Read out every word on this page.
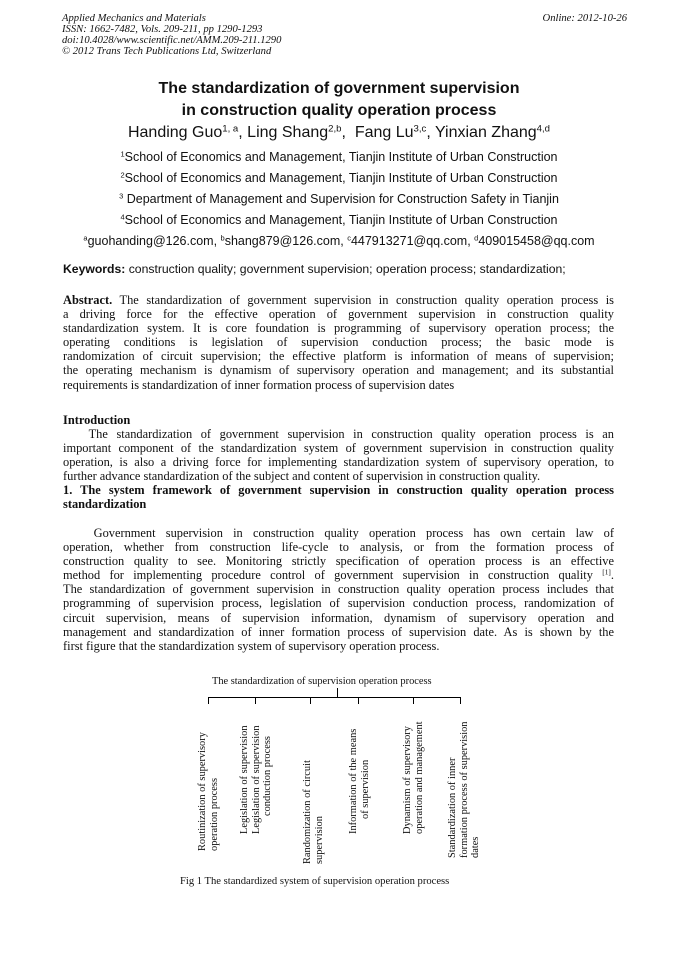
Applied Mechanics and Materials
ISSN: 1662-7482, Vols. 209-211, pp 1290-1293
doi:10.4028/www.scientific.net/AMM.209-211.1290
© 2012 Trans Tech Publications Ltd, Switzerland
Online: 2012-10-26
The standardization of government supervision
in construction quality operation process
Handing Guo$^{1, a}$, Ling Shang$^{2,b}$,  Fang Lu$^{3,c}$, Yinxian Zhang$^{4,d}$
$^1$School of Economics and Management, Tianjin Institute of Urban Construction
$^2$School of Economics and Management, Tianjin Institute of Urban Construction
$^3$ Department of Management and Supervision for Construction Safety in Tianjin
$^4$School of Economics and Management, Tianjin Institute of Urban Construction
$^a$guohanding@126.com, $^b$shang879@126.com, $^c$447913271@qq.com, $^d$409015458@qq.com
Keywords: construction quality; government supervision; operation process; standardization;
Abstract. The standardization of government supervision in construction quality operation process is
a driving force for the effective operation of government supervision in construction quality
standardization system. It is core foundation is programming of supervisory operation process; the
operating conditions is legislation of supervision conduction process; the basic mode is
randomization of circuit supervision; the effective platform is information of means of supervision;
the operating mechanism is dynamism of supervisory operation and management; and its substantial
requirements is standardization of inner formation process of supervision dates
Introduction
The standardization of government supervision in construction quality operation process is an
important component of the standardization system of government supervision in construction quality
operation, is also a driving force for implementing standardization system of supervisory operation, to
further advance standardization of the subject and content of supervision in construction quality.
1. The system framework of government supervision in construction quality operation process
standardization
Government supervision in construction quality operation process has own certain law of
operation, whether from construction life-cycle to analysis, or from the formation process of
construction quality to see. Monitoring strictly specification of operation process is an effective
method for implementing procedure control of government supervision in construction quality [1].
The standardization of government supervision in construction quality operation process includes that
programming of supervision process, legislation of supervision conduction process, randomization of
circuit supervision, means of supervision information, dynamism of supervisory operation and
management and standardization of inner formation process of supervision date. As is shown by the
first figure that the standardization system of supervisory operation process.
The standardization of supervision operation process
Routinization of supervisory operation process Legislation of supervision Legislation of supervision conduction process	Randomization of circuit supervision
Information of the means of supervision	Dynamism of supervisory operation and management Standardization of inner formation process of supervision dates
Fig 1 The standardized system of supervision operation process
